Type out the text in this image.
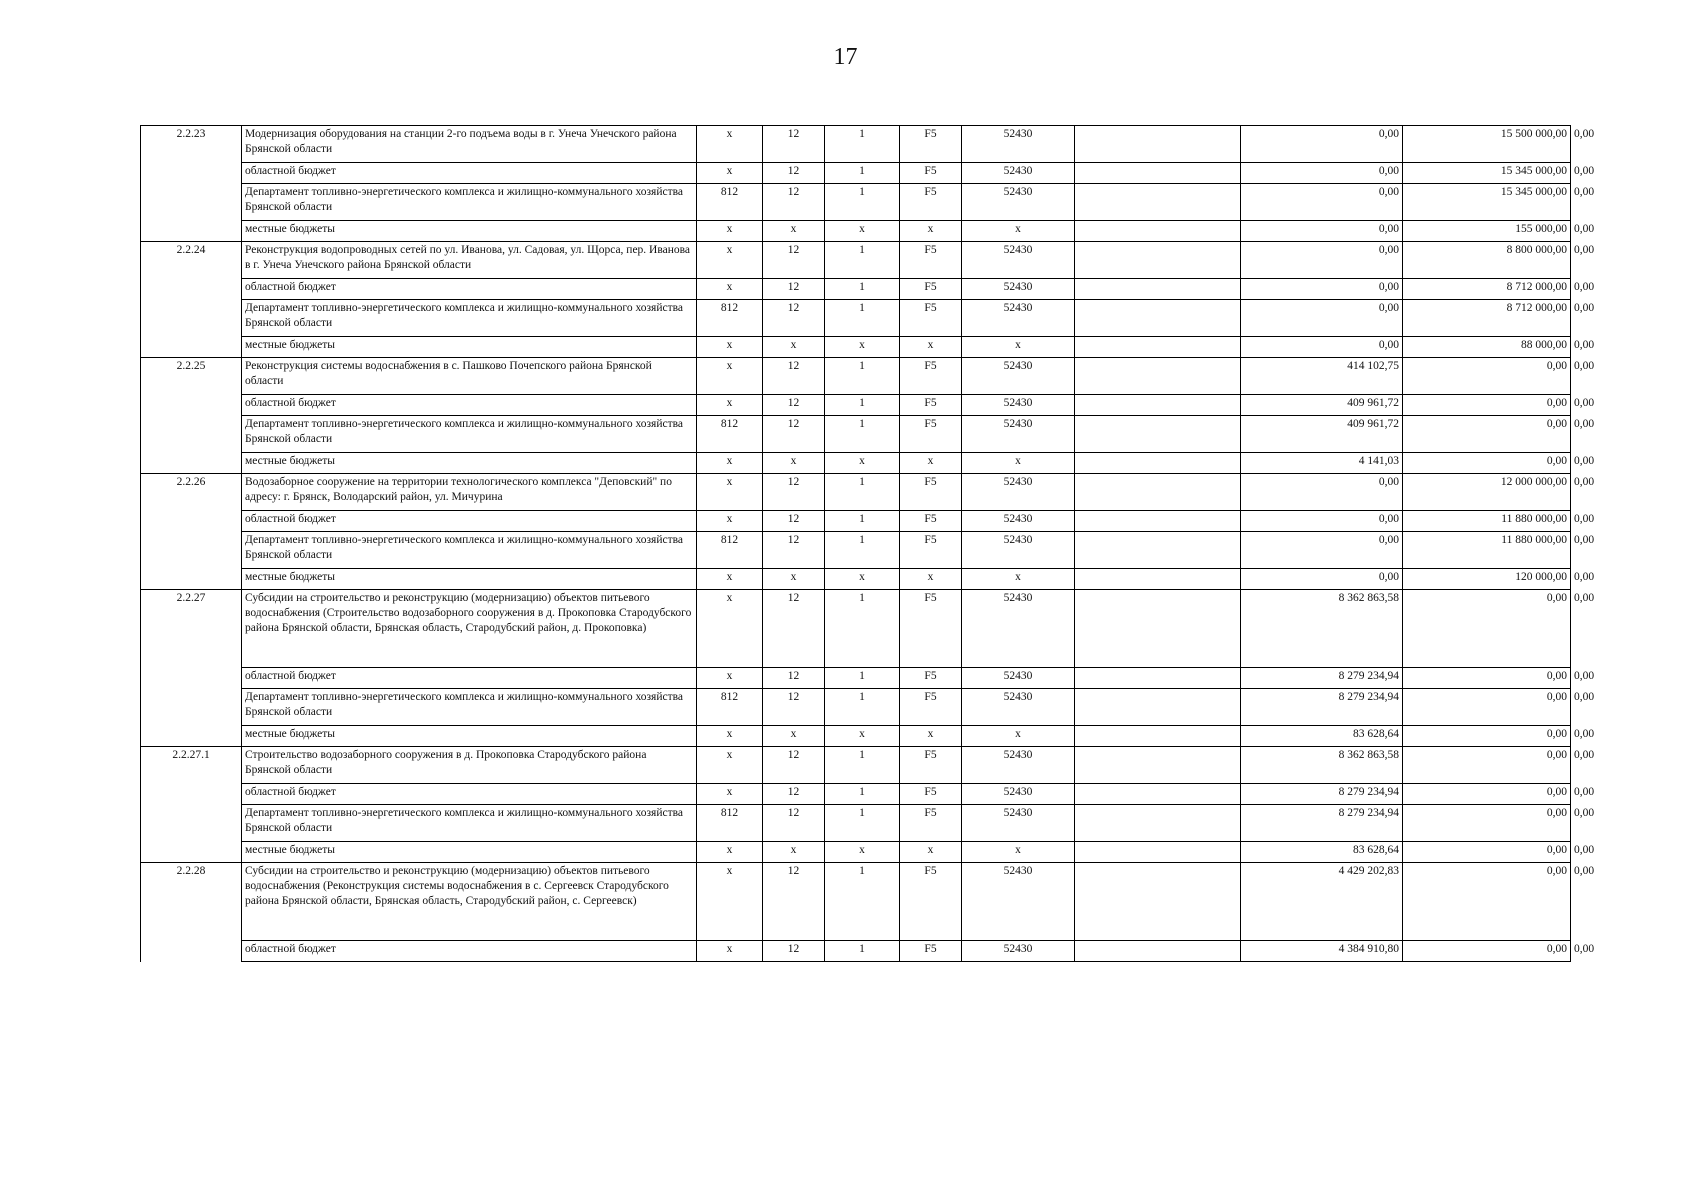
17
2.2.23	Модернизация оборудования на станции 2-го подъема воды в г. Унеча Унечского района Брянской области	x	12	1	F5	52430		0,00	15 500 000,00	0,00
	областной бюджет	x	12	1	F5	52430		0,00	15 345 000,00	0,00
	Департамент топливно-энергетического комплекса и жилищно-коммунального хозяйства Брянской области	812	12	1	F5	52430		0,00	15 345 000,00	0,00
	местные бюджеты	x	x	x	x	x		0,00	155 000,00	0,00
2.2.24	Реконструкция водопроводных сетей по ул. Иванова, ул. Садовая, ул. Щорса, пер. Иванова в г. Унеча Унечского района Брянской области	x	12	1	F5	52430		0,00	8 800 000,00	0,00
	областной бюджет	x	12	1	F5	52430		0,00	8 712 000,00	0,00
	Департамент топливно-энергетического комплекса и жилищно-коммунального хозяйства Брянской области	812	12	1	F5	52430		0,00	8 712 000,00	0,00
	местные бюджеты	x	x	x	x	x		0,00	88 000,00	0,00
2.2.25	Реконструкция системы водоснабжения в с. Пашково Почепского района Брянской области	x	12	1	F5	52430		414 102,75	0,00	0,00
	областной бюджет	x	12	1	F5	52430		409 961,72	0,00	0,00
	Департамент топливно-энергетического комплекса и жилищно-коммунального хозяйства Брянской области	812	12	1	F5	52430		409 961,72	0,00	0,00
	местные бюджеты	x	x	x	x	x		4 141,03	0,00	0,00
2.2.26	Водозаборное сооружение на территории технологического комплекса "Деповский" по адресу: г. Брянск, Володарский район, ул. Мичурина	x	12	1	F5	52430		0,00	12 000 000,00	0,00
	областной бюджет	x	12	1	F5	52430		0,00	11 880 000,00	0,00
	Департамент топливно-энергетического комплекса и жилищно-коммунального хозяйства Брянской области	812	12	1	F5	52430		0,00	11 880 000,00	0,00
	местные бюджеты	x	x	x	x	x		0,00	120 000,00	0,00
2.2.27	Субсидии на строительство и реконструкцию (модернизацию) объектов питьевого водоснабжения (Строительство водозаборного сооружения в д. Прокоповка Стародубского района Брянской области, Брянская область, Стародубский район, д. Прокоповка)	x	12	1	F5	52430		8 362 863,58	0,00	0,00
	областной бюджет	x	12	1	F5	52430		8 279 234,94	0,00	0,00
	Департамент топливно-энергетического комплекса и жилищно-коммунального хозяйства Брянской области	812	12	1	F5	52430		8 279 234,94	0,00	0,00
	местные бюджеты	x	x	x	x	x		83 628,64	0,00	0,00
2.2.27.1	Строительство водозаборного сооружения в д. Прокоповка Стародубского района Брянской области	x	12	1	F5	52430		8 362 863,58	0,00	0,00
	областной бюджет	x	12	1	F5	52430		8 279 234,94	0,00	0,00
	Департамент топливно-энергетического комплекса и жилищно-коммунального хозяйства Брянской области	812	12	1	F5	52430		8 279 234,94	0,00	0,00
	местные бюджеты	x	x	x	x	x		83 628,64	0,00	0,00
2.2.28	Субсидии на строительство и реконструкцию (модернизацию) объектов питьевого водоснабжения (Реконструкция системы водоснабжения в с. Сергеевск Стародубского района Брянской области, Брянская область, Стародубский район, с. Сергеевск)	x	12	1	F5	52430		4 429 202,83	0,00	0,00
	областной бюджет	x	12	1	F5	52430		4 384 910,80	0,00	0,00
